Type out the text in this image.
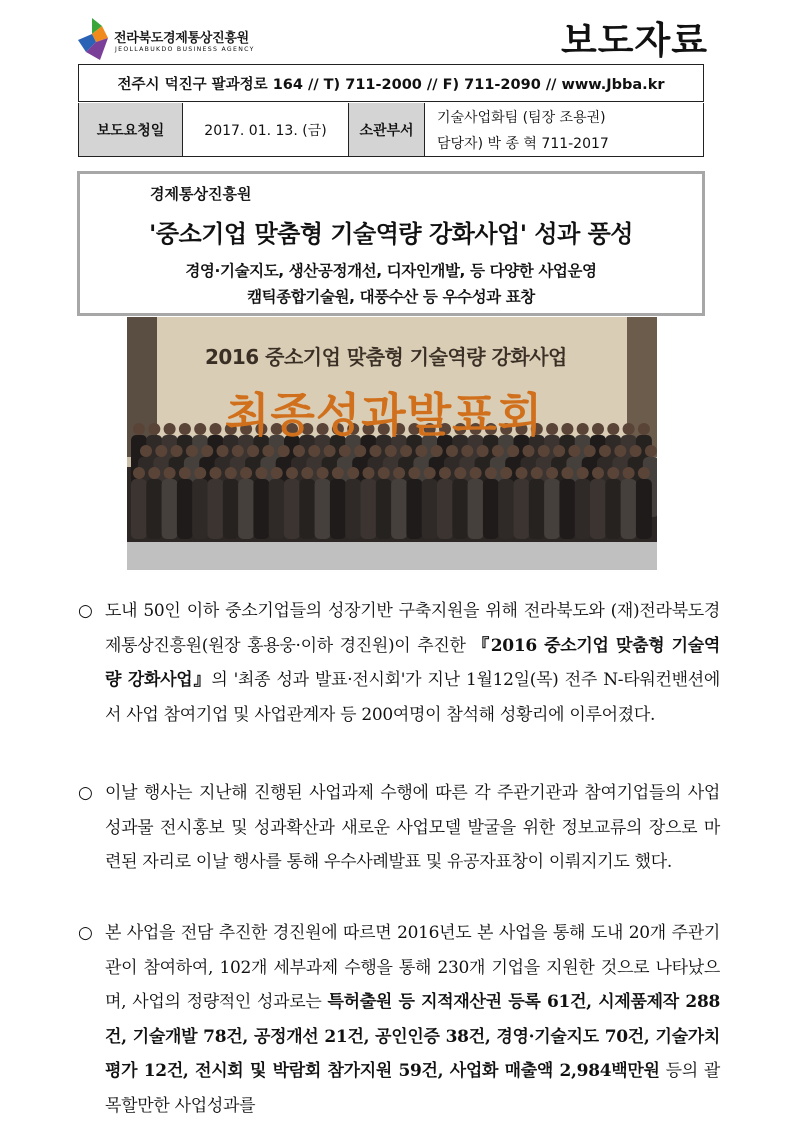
전라북도경제통상진흥원
JEOLLABUKDO BUSINESS AGENCY	보도자료
전주시 덕진구 팔과정로 164 // T) 711-2000 // F) 711-2090 // www.Jbba.kr
보도요청일	2017. 01. 13. (금)	소관부서
기술사업화팀 (팀장 조용권)
담당자) 박 종 혁 711-2017
경제통상진흥원
'중소기업 맞춤형 기술역량 강화사업' 성과 풍성
경영·기술지도, 생산공정개선, 디자인개발, 등 다양한 사업운영
캠틱종합기술원, 대풍수산 등 우수성과 표창
2016 중소기업 맞춤형 기술역량 강화사업
최종성과발표회
○ 도내 50인 이하 중소기업들의 성장기반 구축지원을 위해 전라북도와 (재)전라북도경제통상진흥원(원장 홍용웅·이하 경진원)이 추진한 『2016 중소기업 맞춤형 기술역량 강화사업』의 '최종 성과 발표·전시회'가 지난 1월12일(목) 전주 N-타워컨밴션에서 사업 참여기업 및 사업관계자 등 200여명이 참석해 성황리에 이루어졌다.
○ 이날 행사는 지난해 진행된 사업과제 수행에 따른 각 주관기관과 참여기업들의 사업성과물 전시홍보 및 성과확산과 새로운 사업모델 발굴을 위한 정보교류의 장으로 마련된 자리로 이날 행사를 통해 우수사례발표 및 유공자표창이 이뤄지기도 했다.
○ 본 사업을 전담 추진한 경진원에 따르면 2016년도 본 사업을 통해 도내 20개 주관기관이 참여하여, 102개 세부과제 수행을 통해 230개 기업을 지원한 것으로 나타났으며, 사업의 정량적인 성과로는 특허출원 등 지적재산권 등록 61건, 시제품제작 288건, 기술개발 78건, 공정개선 21건, 공인인증 38건, 경영·기술지도 70건, 기술가치평가 12건, 전시회 및 박람회 참가지원 59건, 사업화 매출액 2,984백만원 등의 괄목할만한 사업성과를
